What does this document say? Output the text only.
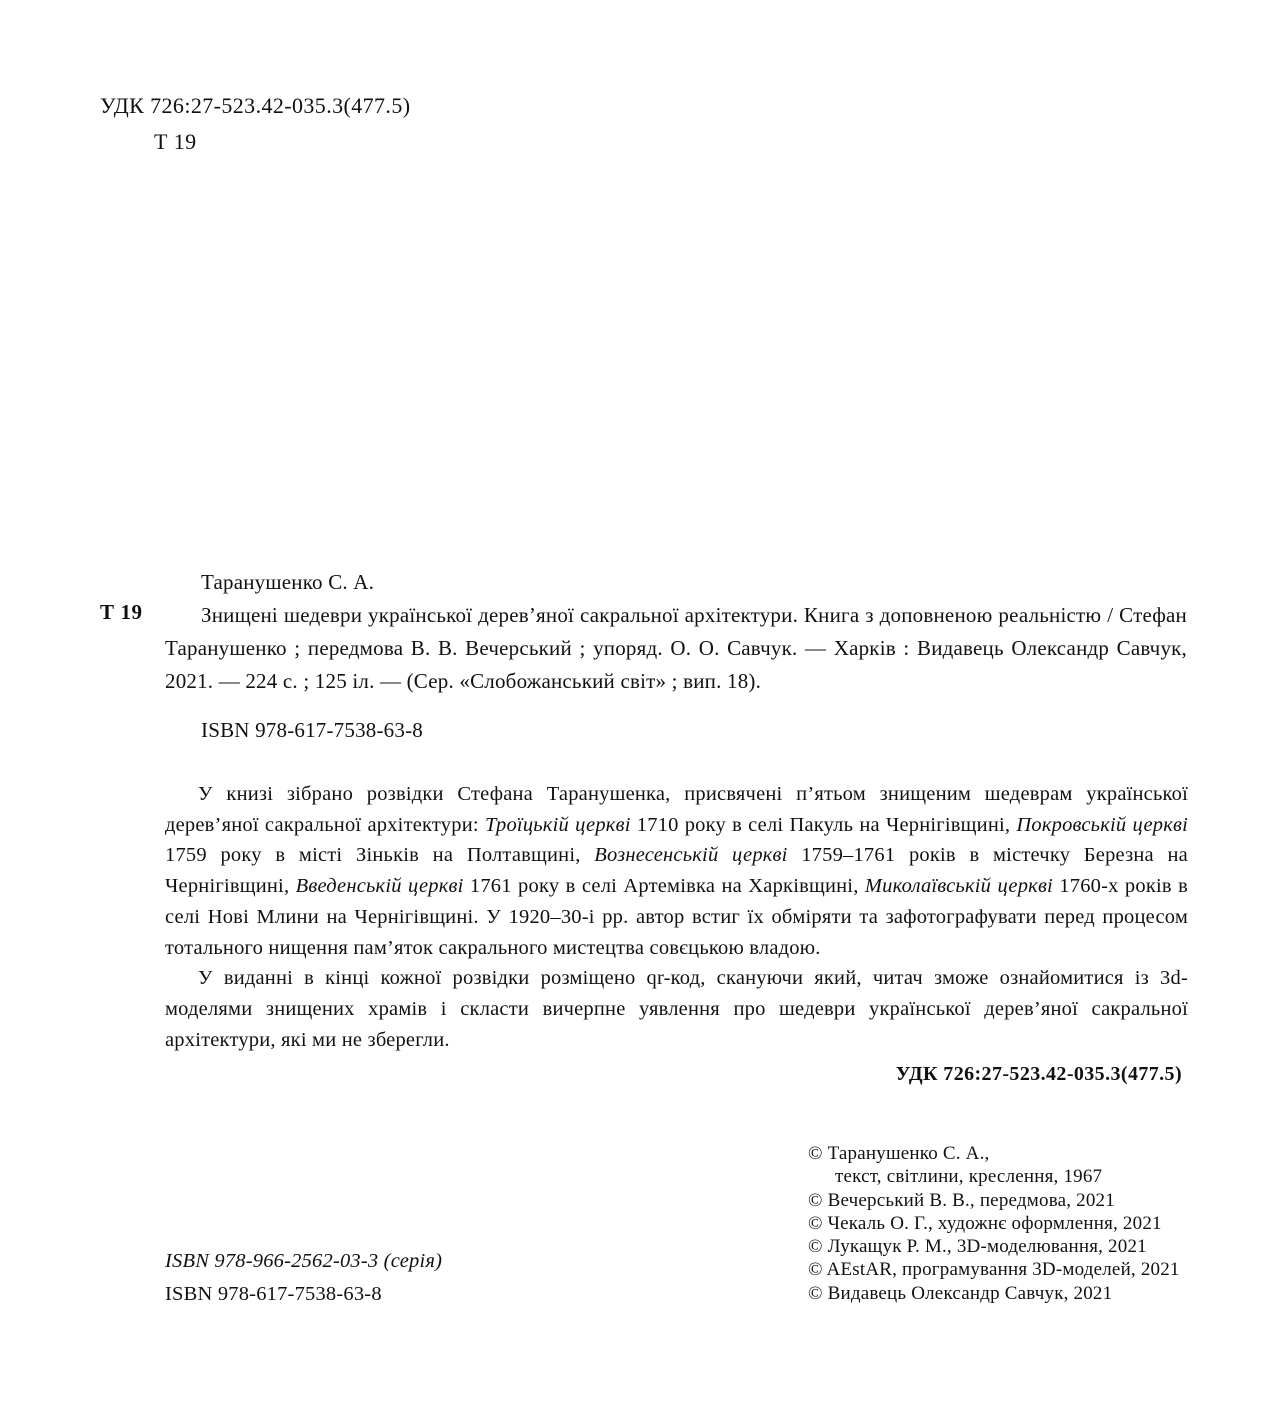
УДК 726:27-523.42-035.3(477.5)
Т 19
Т 19
Таранушенко С. А.

Знищені шедеври української дерев’яної сакральної архітектури. Книга з доповненою реальністю / Стефан Таранушенко ; передмова В. В. Вечерський ; упоряд. О. О. Савчук. — Харків : Видавець Олександр Савчук, 2021. — 224 с. ; 125 іл. — (Сер. «Слобожанський світ» ; вип. 18).

ISBN 978-617-7538-63-8

У книзі зібрано розвідки Стефана Таранушенка, присвячені п’ятьом знищеним шедеврам української дерев’яної сакральної архітектури: Троїцькій церкві 1710 року в селі Пакуль на Чернігівщині, Покровській церкві 1759 року в місті Зіньків на Полтавщині, Вознесенській церкві 1759–1761 років в містечку Березна на Чернігівщині, Введенській церкві 1761 року в селі Артемівка на Харківщині, Миколаївській церкві 1760-х років в селі Нові Млини на Чернігівщині. У 1920–30-і рр. автор встиг їх обміряти та зафотографувати перед процесом тотального нищення пам’яток сакрального мистецтва совєцькою владою.

У виданні в кінці кожної розвідки розміщено qr-код, скануючи який, читач зможе ознайомитися із 3d-моделями знищених храмів і скласти вичерпне уявлення про шедеври української дерев’яної сакральної архітектури, які ми не зберегли.

УДК 726:27-523.42-035.3(477.5)
© Таранушенко С. А.,
текст, світлини, креслення, 1967
© Вечерський В. В., передмова, 2021
© Чекаль О. Г., художнє оформлення, 2021
© Лукащук Р. М., 3D-моделювання, 2021
© AEstAR, програмування 3D-моделей, 2021
© Видавець Олександр Савчук, 2021
ISBN 978-966-2562-03-3 (серія)
ISBN 978-617-7538-63-8
